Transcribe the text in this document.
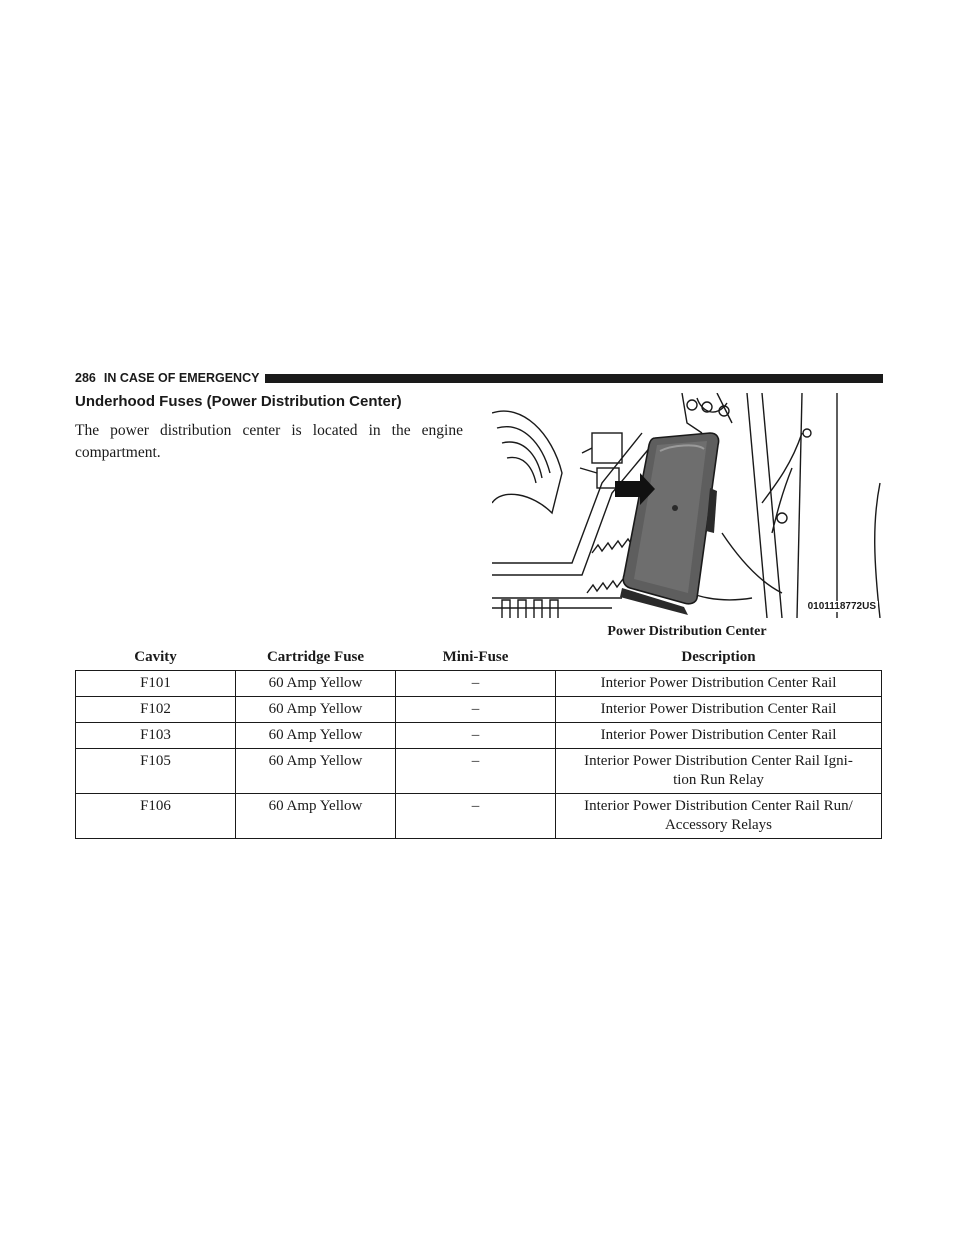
286 IN CASE OF EMERGENCY
Underhood Fuses (Power Distribution Center)

The power distribution center is located in the engine compartment.

0101118772US
Power Distribution Center
Cavity	Cartridge Fuse	Mini-Fuse	Description
F101	60 Amp Yellow	–	Interior Power Distribution Center Rail
F102	60 Amp Yellow	–	Interior Power Distribution Center Rail
F103	60 Amp Yellow	–	Interior Power Distribution Center Rail
F105	60 Amp Yellow	–	Interior Power Distribution Center Rail Igni-
tion Run Relay
F106	60 Amp Yellow	–	Interior Power Distribution Center Rail Run/
Accessory Relays
